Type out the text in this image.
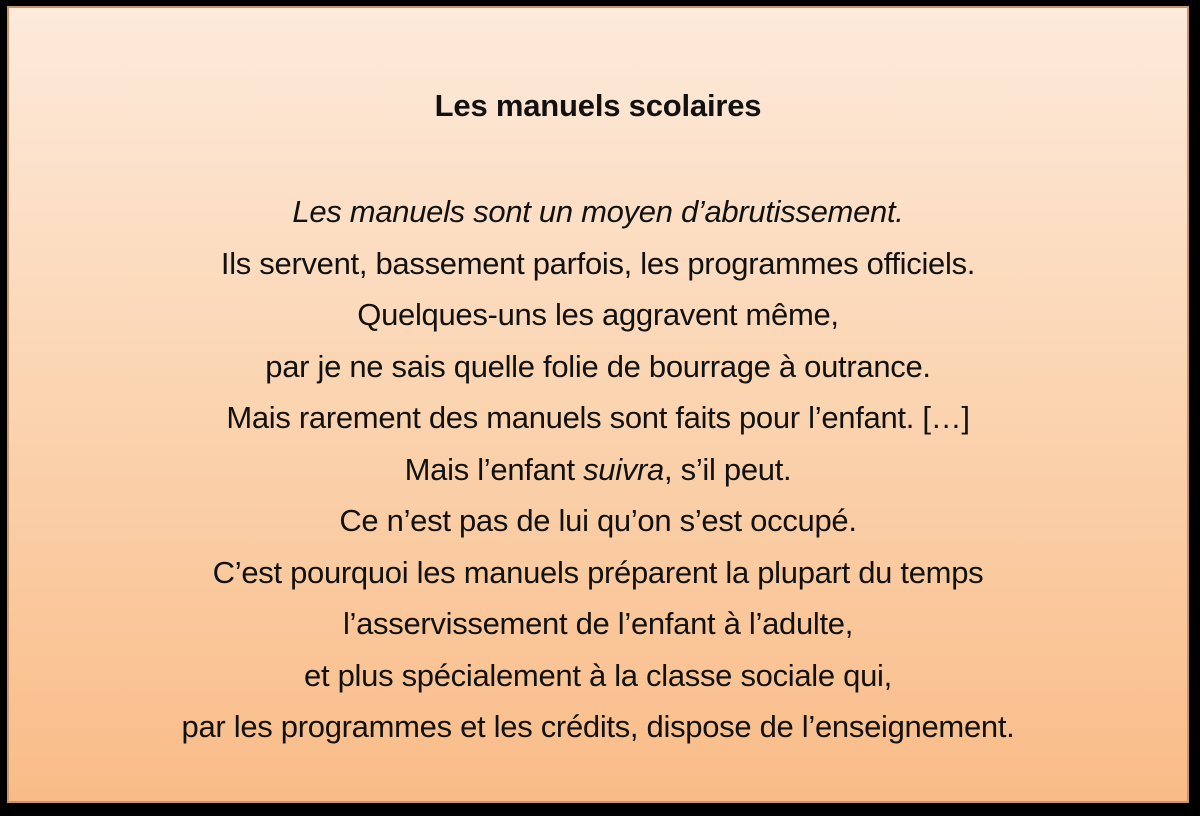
Les manuels scolaires
Les manuels sont un moyen d’abrutissement.
Ils servent, bassement parfois, les programmes officiels.
Quelques-uns les aggravent même,
par je ne sais quelle folie de bourrage à outrance.
Mais rarement des manuels sont faits pour l’enfant. […]
Mais l’enfant suivra, s’il peut.
Ce n’est pas de lui qu’on s’est occupé.
C’est pourquoi les manuels préparent la plupart du temps
l’asservissement de l’enfant à l’adulte,
et plus spécialement à la classe sociale qui,
par les programmes et les crédits, dispose de l’enseignement.
